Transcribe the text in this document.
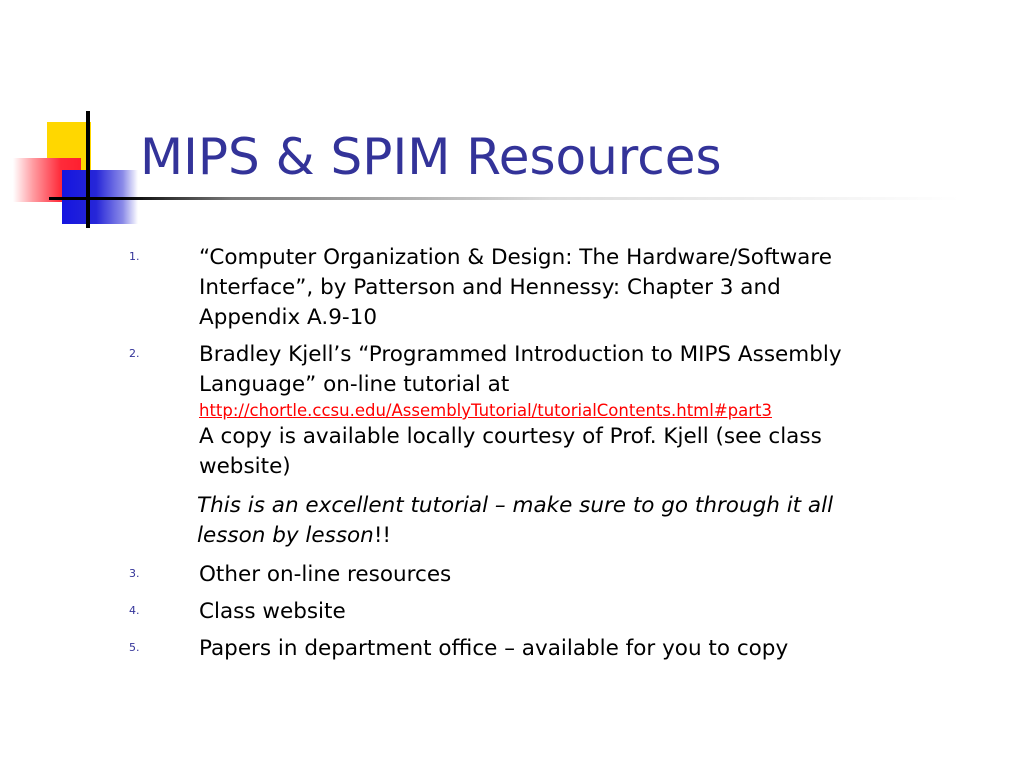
MIPS & SPIM Resources
1.	“Computer Organization & Design: The Hardware/Software
Interface”, by Patterson and Hennessy: Chapter 3 and
Appendix A.9-10
2.	Bradley Kjell’s “Programmed Introduction to MIPS Assembly
Language” on-line tutorial at
http://chortle.ccsu.edu/AssemblyTutorial/tutorialContents.html#part3
A copy is available locally courtesy of Prof. Kjell (see class
website)
This is an excellent tutorial – make sure to go through it all
lesson by lesson!!
3.	Other on-line resources
4.	Class website
5.	Papers in department office – available for you to copy
